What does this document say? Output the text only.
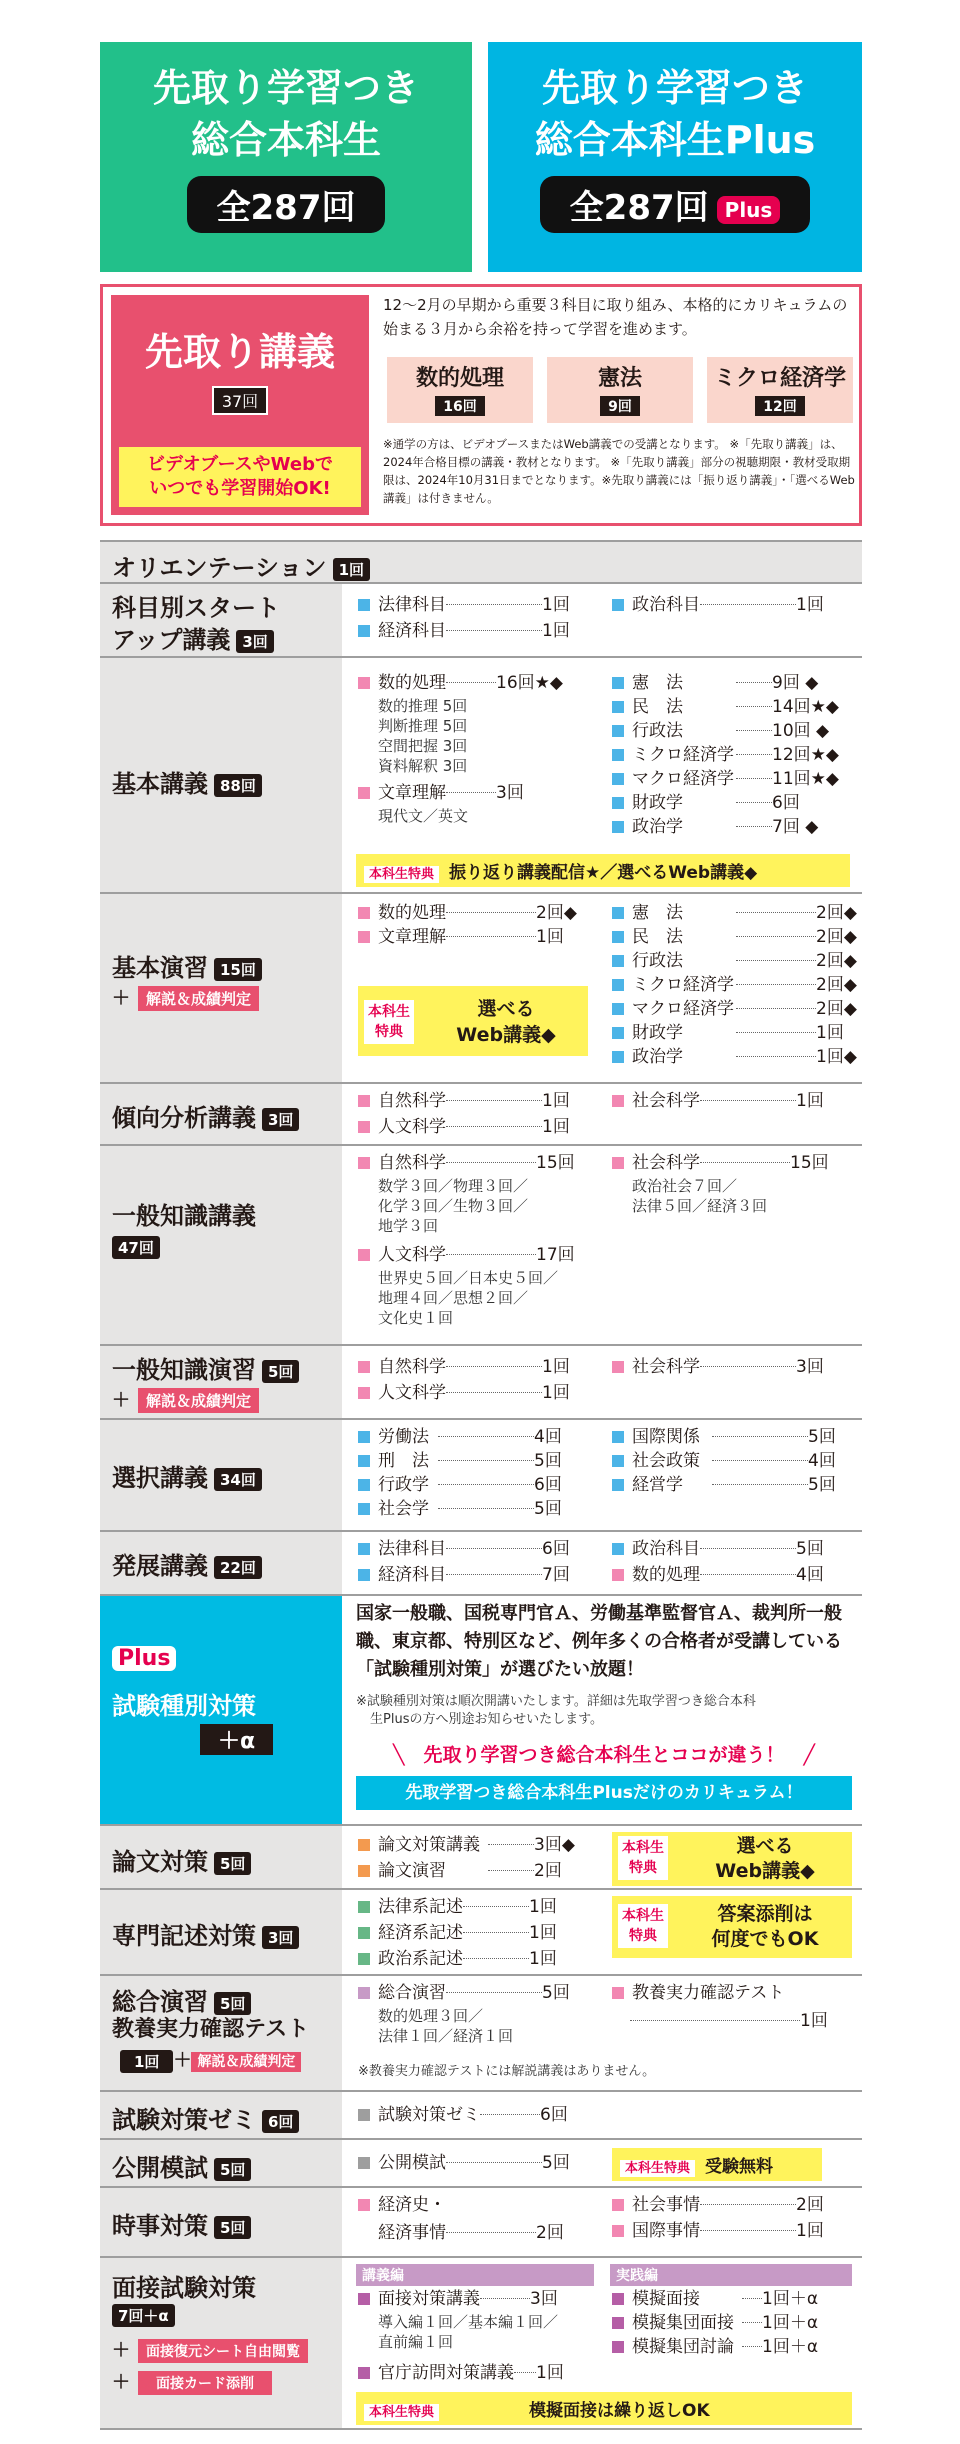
先取り学習つき
総合本科生
全287回
先取り学習つき
総合本科生Plus
全287回 Plus
先取り講義
37回
ビデオブースやWebで
いつでも学習開始OK!
12～2月の早期から重要３科目に取り組み、本格的にカリキュラムの始まる３月から余裕を持って学習を進めます。
数的処理
16回
憲法
9回
ミクロ経済学
12回
※通学の方は、ビデオブースまたはWeb講義での受講となります。 ※「先取り講義」は、2024年合格目標の講義・教材となります。 ※「先取り講義」部分の視聴期限・教材受取期限は、2024年10月31日までとなります。※先取り講義には「振り返り講義」・「選べるWeb講義」は付きません。
オリエンテーション 1回
科目別スタート
アップ講義 3回
法律科目	1回
経済科目	1回
政治科目	1回
基本講義 88回
数的処理	16回★◆
数的推理 5回
判断推理 5回
空間把握 3回
資料解釈 3回
文章理解	3回
現代文／英文
憲　法	9回 ◆
民　法	14回★◆
行政法	10回 ◆
ミクロ経済学 12回★◆
マクロ経済学 11回★◆
財政学	6回
政治学	7回 ◆
本科生特典 振り返り講義配信★／選べるWeb講義◆
基本演習 15回
＋ 解説＆成績判定
数的処理	2回◆
文章理解	1回
本科生
特典
選べる
Web講義◆
憲　法	2回◆
民　法	2回◆
行政法	2回◆
ミクロ経済学	2回◆
マクロ経済学	2回◆
財政学	1回
政治学	1回◆
傾向分析講義 3回
自然科学	1回
人文科学	1回
社会科学	1回
一般知識講義
47回
自然科学	15回
数学３回／物理３回／
化学３回／生物３回／
地学３回
人文科学	17回
世界史５回／日本史５回／
地理４回／思想２回／
文化史１回
社会科学	15回
政治社会７回／
法律５回／経済３回
一般知識演習 5回
＋ 解説＆成績判定
自然科学	1回
人文科学	1回
社会科学	3回
選択講義 34回
労働法	4回
刑　法	5回
行政学	6回
社会学	5回
国際関係	5回
社会政策	4回
経営学	5回
発展講義 22回
法律科目	6回
経済科目	7回
政治科目	5回
数的処理	4回
Plus
試験種別対策
＋α
国家一般職、国税専門官Ａ、労働基準監督官Ａ、裁判所一般職、東京都、特別区など、例年多くの合格者が受講している「試験種別対策」が選びたい放題！
※試験種別対策は順次開講いたします。詳細は先取学習つき総合本科
生Plusの方へ別途お知らせいたします。
╲　先取り学習つき総合本科生とココが違う！　╱
先取学習つき総合本科生Plusだけのカリキュラム！
論文対策 5回
論文対策講義	3回◆
論文演習	2回
本科生
特典
選べる
Web講義◆
専門記述対策 3回
法律系記述	1回
経済系記述	1回
政治系記述	1回
本科生
特典
答案添削は
何度でもOK
総合演習 5回
教養実力確認テスト
1回 ＋ 解説＆成績判定
総合演習	5回
数的処理３回／
法律１回／経済１回
教養実力確認テスト
1回
※教養実力確認テストには解説講義はありません。
試験対策ゼミ 6回	試験対策ゼミ	6回
公開模試 5回	公開模試	5回	本科生特典 受験無料
時事対策 5回
経済史・
経済事情	2回
社会事情	2回
国際事情	1回
面接試験対策
7回＋α
＋ 面接復元シート自由閲覧
＋ 面接カード添削
講義編	実践編
面接対策講義	3回
導入編１回／基本編１回／
直前編１回
官庁訪問対策講義 1回
模擬面接	1回＋α
模擬集団面接 1回＋α
模擬集団討論 1回＋α
本科生特典	模擬面接は繰り返しOK
